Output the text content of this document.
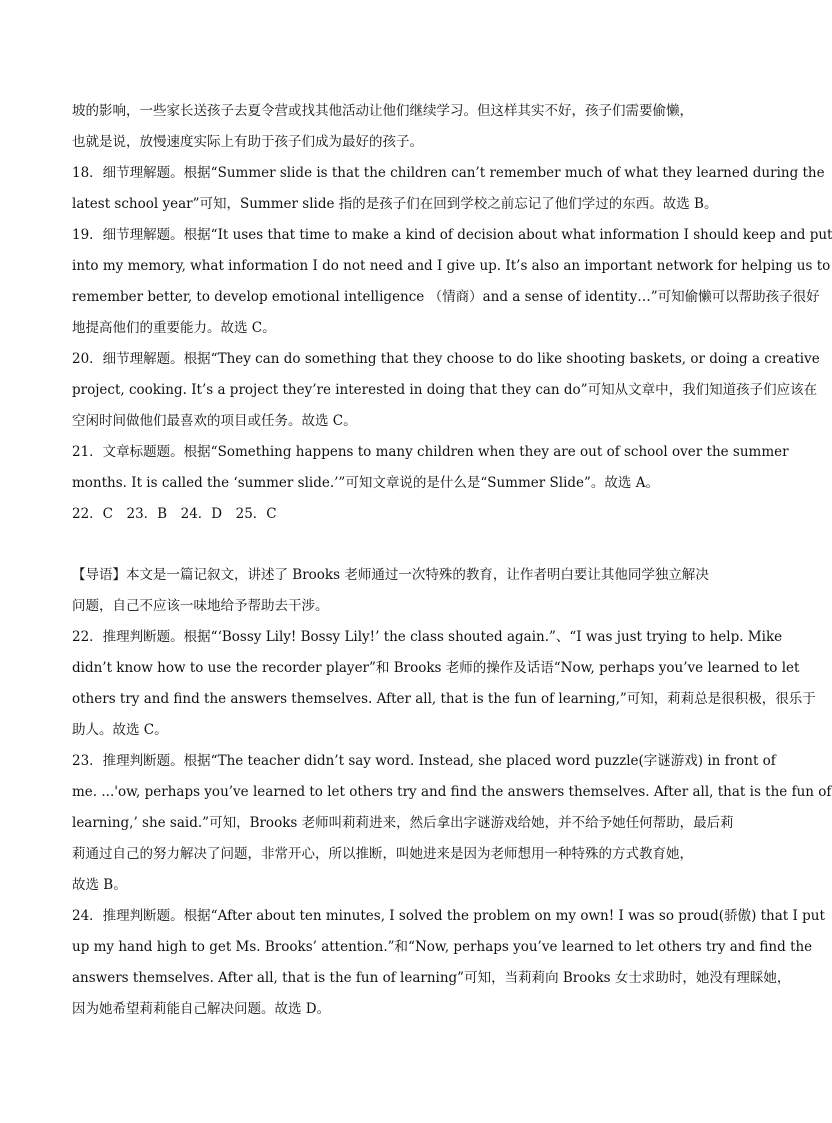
坡的影响，一些家长送孩子去夏令营或找其他活动让他们继续学习。但这样其实不好，孩子们需要偷懒，
也就是说，放慢速度实际上有助于孩子们成为最好的孩子。
18．细节理解题。根据“Summer slide is that the children can’t remember much of what they learned during the
latest school year”可知，Summer slide 指的是孩子们在回到学校之前忘记了他们学过的东西。故选 B。
19．细节理解题。根据“It uses that time to make a kind of decision about what information I should keep and put
into my memory, what information I do not need and I give up. It’s also an important network for helping us to
remember better, to develop emotional intelligence （情商）and a sense of identity…”可知偷懒可以帮助孩子很好
地提高他们的重要能力。故选 C。
20．细节理解题。根据“They can do something that they choose to do like shooting baskets, or doing a creative
project, cooking. It’s a project they’re interested in doing that they can do”可知从文章中，我们知道孩子们应该在
空闲时间做他们最喜欢的项目或任务。故选 C。
21．文章标题题。根据“Something happens to many children when they are out of school over the summer
months. It is called the ‘summer slide.’”可知文章说的是什么是“Summer Slide”。故选 A。
22．C　23．B　24．D　25．C
【导语】本文是一篇记叙文，讲述了 Brooks 老师通过一次特殊的教育，让作者明白要让其他同学独立解决
问题，自己不应该一味地给予帮助去干涉。
22．推理判断题。根据“‘Bossy Lily! Bossy Lily!’ the class shouted again.”、“I was just trying to help. Mike
didn’t know how to use the recorder player”和 Brooks 老师的操作及话语“Now, perhaps you’ve learned to let
others try and find the answers themselves. After all, that is the fun of learning,”可知，莉莉总是很积极，很乐于
助人。故选 C。
23．推理判断题。根据“The teacher didn’t say word. Instead, she placed word puzzle(字谜游戏) in front of
me. ...'ow, perhaps you’ve learned to let others try and find the answers themselves. After all, that is the fun of
learning,’ she said.”可知，Brooks 老师叫莉莉进来，然后拿出字谜游戏给她，并不给予她任何帮助，最后莉
莉通过自己的努力解决了问题，非常开心，所以推断，叫她进来是因为老师想用一种特殊的方式教育她，
故选 B。
24．推理判断题。根据“After about ten minutes, I solved the problem on my own! I was so proud(骄傲) that I put
up my hand high to get Ms. Brooks’ attention.”和“Now, perhaps you’ve learned to let others try and find the
answers themselves. After all, that is the fun of learning”可知，当莉莉向 Brooks 女士求助时，她没有理睬她，
因为她希望莉莉能自己解决问题。故选 D。
